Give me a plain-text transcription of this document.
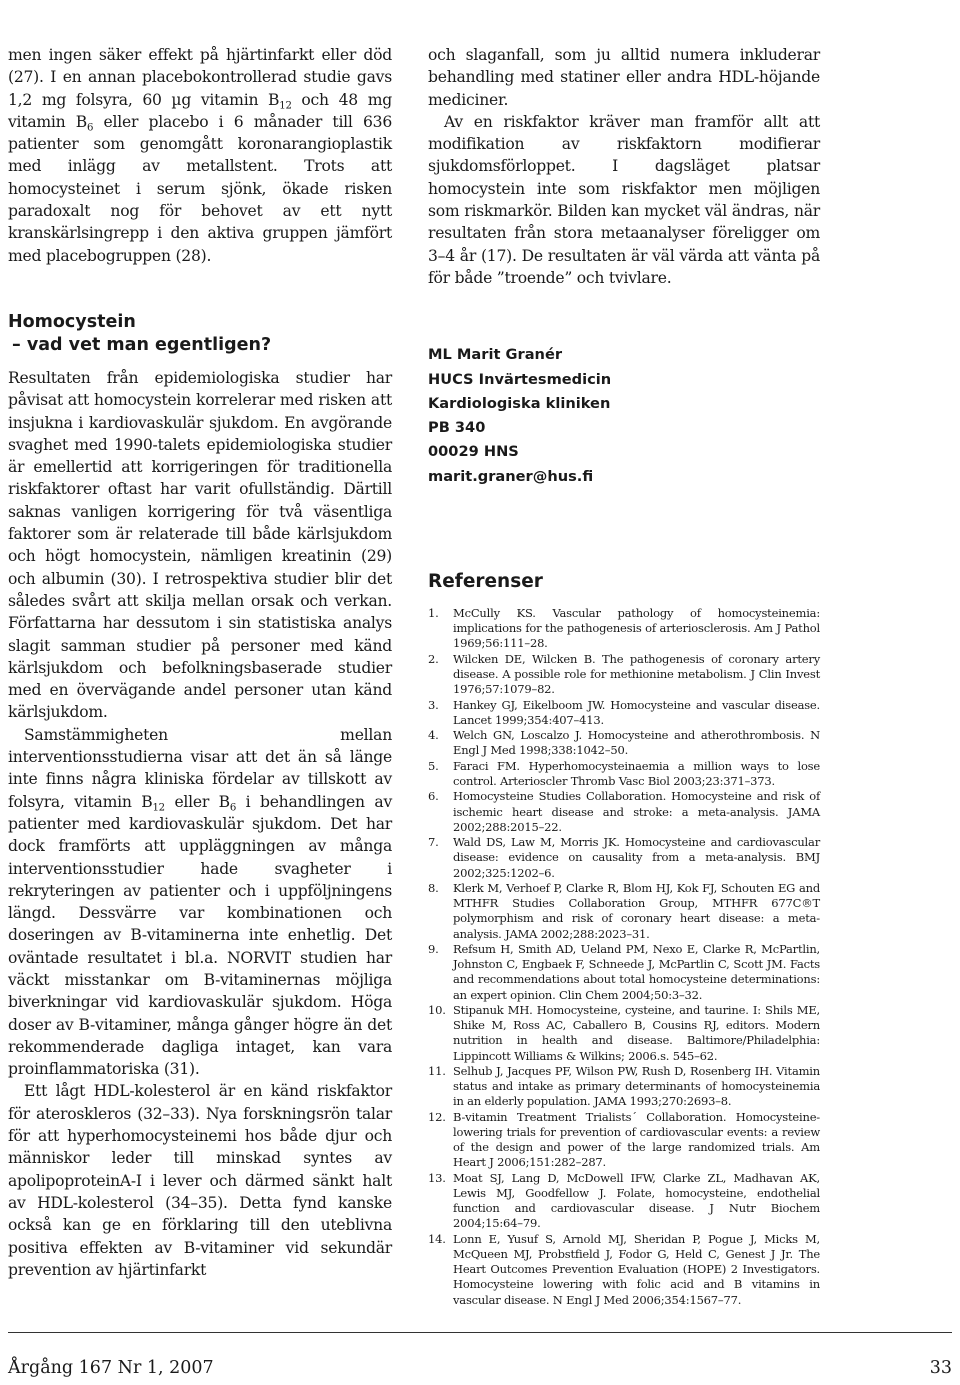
men ingen säker effekt på hjärtinfarkt eller död (27). I en annan placebokontrollerad studie gavs 1,2 mg folsyra, 60 µg vitamin $B_{12}$ och 48 mg vitamin $B_6$ eller placebo i 6 månader till 636 patienter som genomgått koronarangioplastik med inlägg av metallstent. Trots att homocysteinet i serum sjönk, ökade risken paradoxalt nog för behovet av ett nytt kranskärlsingrepp i den aktiva gruppen jämfört med placebogruppen (28).

Homocystein

– vad vet man egentligen?

Resultaten från epidemiologiska studier har påvisat att homocystein korrelerar med risken att insjukna i kardiovaskulär sjukdom. En avgörande svaghet med 1990-talets epidemiologiska studier är emellertid att korrigeringen för traditionella riskfaktorer oftast har varit ofullständig. Därtill saknas vanligen korrigering för två väsentliga faktorer som är relaterade till både kärlsjukdom och högt homocystein, nämligen kreatinin (29) och albumin (30). I retrospektiva studier blir det således svårt att skilja mellan orsak och verkan. Författarna har dessutom i sin statistiska analys slagit samman studier på personer med känd kärlsjukdom och befolkningsbaserade studier med en övervägande andel personer utan känd kärlsjukdom.

Samstämmigheten mellan interventionsstudierna visar att det än så länge inte finns några kliniska fördelar av tillskott av folsyra, vitamin $B_{12}$ eller $B_6$ i behandlingen av patienter med kardiovaskulär sjukdom. Det har dock framförts att uppläggningen av många interventionsstudier hade svagheter i rekryteringen av patienter och i uppföljningens längd. Dessvärre var kombinationen och doseringen av B-vitaminerna inte enhetlig. Det oväntade resultatet i bl.a. NORVIT studien har väckt misstankar om B-vitaminernas möjliga biverkningar vid kardiovaskulär sjukdom. Höga doser av B-vitaminer, många gånger högre än det rekommenderade dagliga intaget, kan vara proinflammatoriska (31).

Ett lågt HDL-kolesterol är en känd riskfaktor för ateroskleros (32–33). Nya forskningsrön talar för att hyperhomocysteinemi hos både djur och människor leder till minskad syntes av apolipoproteinA-I i lever och därmed sänkt halt av HDL-kolesterol (34–35). Detta fynd kanske också kan ge en förklaring till den uteblivna positiva effekten av B-vitaminer vid sekundär prevention av hjärtinfarkt

och slaganfall, som ju alltid numera inkluderar behandling med statiner eller andra HDL-höjande mediciner.

Av en riskfaktor kräver man framför allt att modifikation av riskfaktorn modifierar sjukdomsförloppet. I dagsläget platsar homocystein inte som riskfaktor men möjligen som riskmarkör. Bilden kan mycket väl ändras, när resultaten från stora metaanalyser föreligger om 3–4 år (17). De resultaten är väl värda att vänta på för både ”troende” och tvivlare.

ML Marit Granér

HUCS Invärtesmedicin

Kardiologiska kliniken

PB 340

00029 HNS

marit.graner@hus.fi

Referenser

1.	McCully KS. Vascular pathology of homocysteinemia: implications for the pathogenesis of arteriosclerosis. Am J Pathol 1969;56:111–28.
2.	Wilcken DE, Wilcken B. The pathogenesis of coronary artery disease. A possible role for methionine metabolism. J Clin Invest 1976;57:1079–82.
3.	Hankey GJ, Eikelboom JW. Homocysteine and vascular disease. Lancet 1999;354:407–413.
4.	Welch GN, Loscalzo J. Homocysteine and atherothrombosis. N Engl J Med 1998;338:1042–50.
5.	Faraci FM. Hyperhomocysteinaemia a million ways to lose control. Arterioscler Thromb Vasc Biol 2003;23:371–373.
6.	Homocysteine Studies Collaboration. Homocysteine and risk of ischemic heart disease and stroke: a meta-analysis. JAMA 2002;288:2015–22.
7.	Wald DS, Law M, Morris JK. Homocysteine and cardiovascular disease: evidence on causality from a meta-analysis. BMJ 2002;325:1202–6.
8.	Klerk M, Verhoef P, Clarke R, Blom HJ, Kok FJ, Schouten EG and MTHFR Studies Collaboration Group, MTHFR 677C®T polymorphism and risk of coronary heart disease: a meta-analysis. JAMA 2002;288:2023–31.
9.	Refsum H, Smith AD, Ueland PM, Nexo E, Clarke R, McPartlin, Johnston C, Engbaek F, Schneede J, McPartlin C, Scott JM. Facts and recommendations about total homocysteine determinations: an expert opinion. Clin Chem 2004;50:3–32.
10. Stipanuk MH. Homocysteine, cysteine, and taurine. I: Shils ME, Shike M, Ross AC, Caballero B, Cousins RJ, editors. Modern nutrition in health and disease. Baltimore/Philadelphia: Lippincott Williams & Wilkins; 2006.s. 545–62.
11. Selhub J, Jacques PF, Wilson PW, Rush D, Rosenberg IH. Vitamin status and intake as primary determinants of homocysteinemia in an elderly population. JAMA 1993;270:2693–8.
12. B-vitamin Treatment Trialists´ Collaboration. Homocysteine-lowering trials for prevention of cardiovascular events: a review of the design and power of the large randomized trials. Am Heart J 2006;151:282–287.
13. Moat SJ, Lang D, McDowell IFW, Clarke ZL, Madhavan AK, Lewis MJ, Goodfellow J. Folate, homocysteine, endothelial function and cardiovascular disease. J Nutr Biochem 2004;15:64–79.
14. Lonn E, Yusuf S, Arnold MJ, Sheridan P, Pogue J, Micks M, McQueen MJ, Probstfield J, Fodor G, Held C, Genest J Jr. The Heart Outcomes Prevention Evaluation (HOPE) 2 Investigators. Homocysteine lowering with folic acid and B vitamins in vascular disease. N Engl J Med 2006;354:1567–77.
Årgång 167 Nr 1, 2007	33
